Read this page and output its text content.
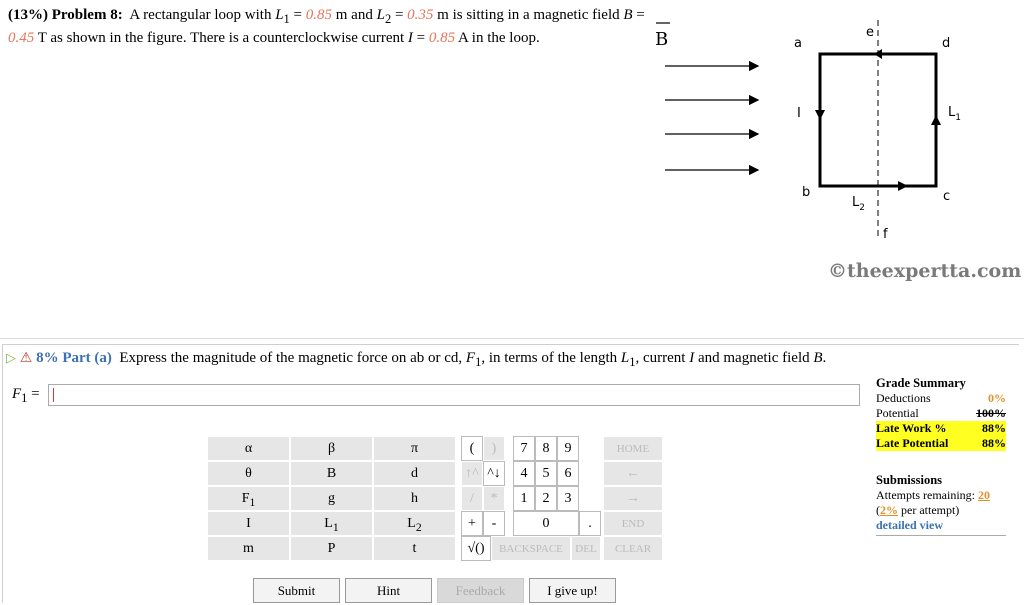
(13%) Problem 8: A rectangular loop with $L_1 = 0.85$ m and $L_2 = 0.35$ m is sitting in a magnetic field B = 0.45 T as shown in the figure. There is a counterclockwise current I = 0.85 A in the loop.	B	a
b	c
d
e
f
I	$L_1$
$L_2$
©theexpertta.com
▷ ⚠ 8% Part (a) Express the magnitude of the magnetic force on ab or cd, $F_1$, in terms of the length $L_1$, current I and magnetic field B.
$F_1$ =
Grade Summary
Deductions	0%
Potential	100%
Late Work %	88%
Late Potential	88%
Submissions
Attempts remaining: 20
(2% per attempt)
detailed view
α	β	π
θ	B	d
$F_1$	g	h
I	$L_1$	$L_2$
m	P	t
(	)	7	8	9	HOME
↑^ ^↓	4	5	6	←
/	*	1	2	3	→
+	-	0	.	END
√()	BACKSPACE	DEL	CLEAR
Submit	Hint	Feedback	I give up!
